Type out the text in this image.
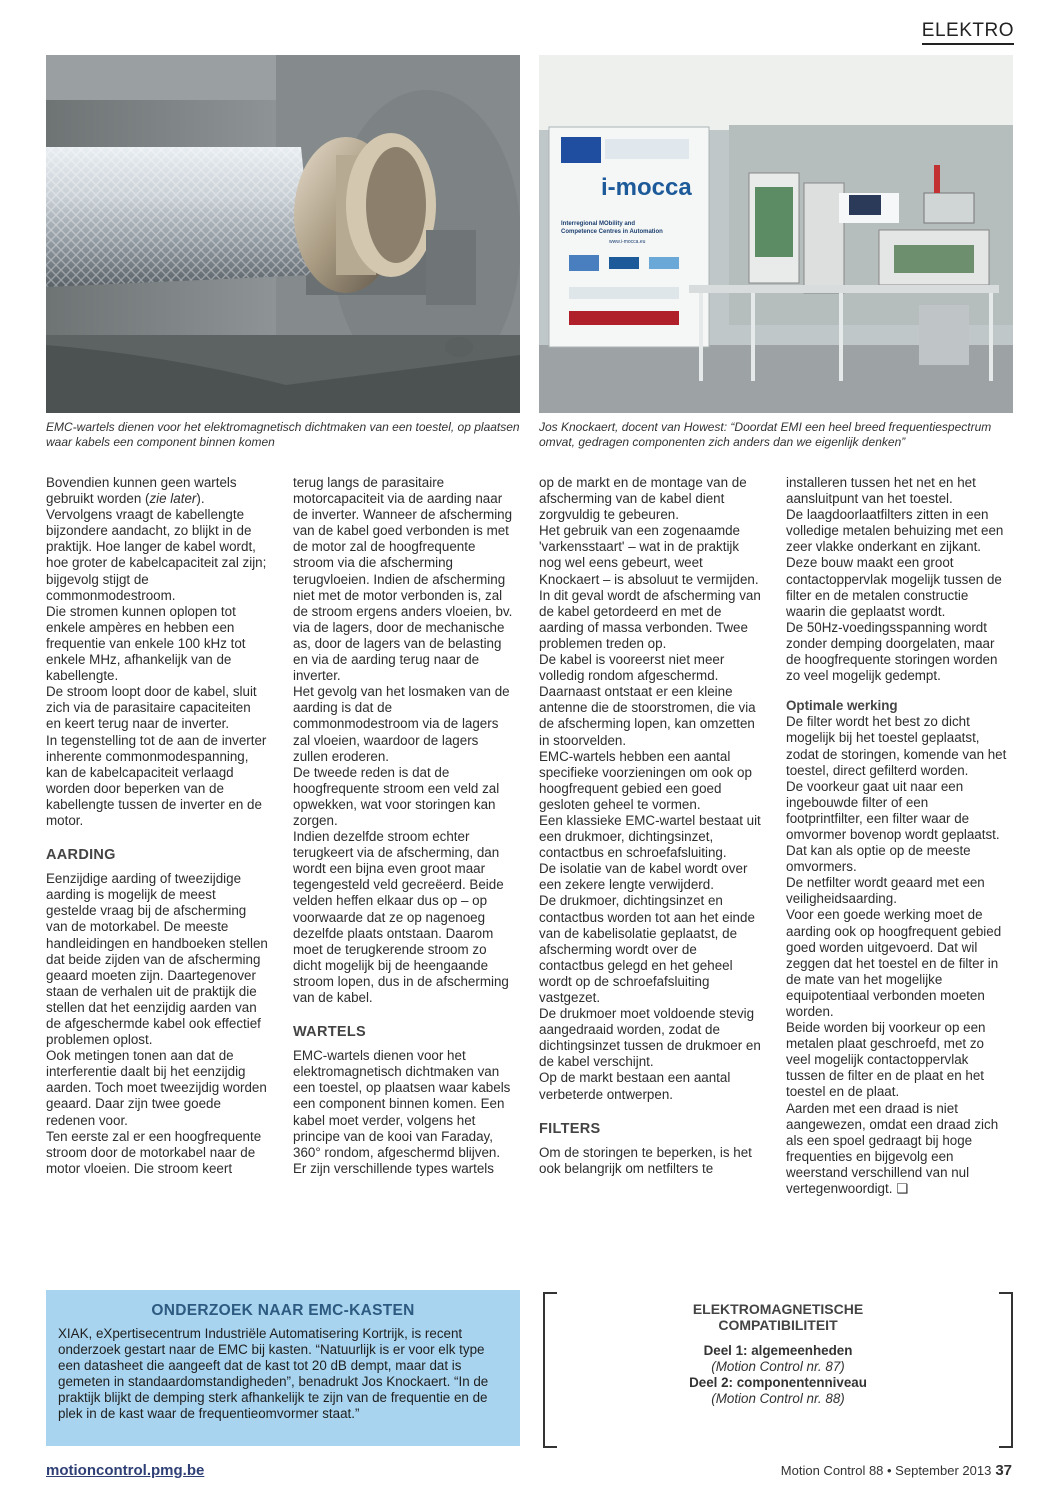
ELEKTRO
i-mocca
Interregional MObility and
Competence Centres in Automation
www.i-mocca.eu
EMC-wartels dienen voor het elektromagnetisch dichtmaken van een toestel, op plaatsen waar kabels een component binnen komen
Jos Knockaert, docent van Howest: “Doordat EMI een heel breed frequentiespectrum omvat, gedragen componenten zich anders dan we eigenlijk denken”

Bovendien kunnen geen wartels gebruikt worden (zie later). Vervolgens vraagt de kabellengte bijzondere aandacht, zo blijkt in de praktijk. Hoe langer de kabel wordt, hoe groter de kabelcapaciteit zal zijn; bijgevolg stijgt de commonmodestroom.

Die stromen kunnen oplopen tot enkele ampères en hebben een frequentie van enkele 100 kHz tot enkele MHz, afhankelijk van de kabellengte.

De stroom loopt door de kabel, sluit zich via de parasitaire capaciteiten en keert terug naar de inverter.

In tegenstelling tot de aan de inverter inherente commonmodespanning, kan de kabelcapaciteit verlaagd worden door beperken van de kabellengte tussen de inverter en de motor.

AARDING

Eenzijdige aarding of tweezijdige aarding is mogelijk de meest gestelde vraag bij de afscherming van de motorkabel. De meeste handleidingen en handboeken stellen dat beide zijden van de afscherming geaard moeten zijn. Daartegenover staan de verhalen uit de praktijk die stellen dat het eenzijdig aarden van de afgeschermde kabel ook effectief problemen oplost.

Ook metingen tonen aan dat de interferentie daalt bij het eenzijdig aarden. Toch moet tweezijdig worden geaard. Daar zijn twee goede redenen voor.

Ten eerste zal er een hoogfrequente stroom door de motorkabel naar de motor vloeien. Die stroom keert

terug langs de parasitaire motorcapaciteit via de aarding naar de inverter. Wanneer de afscherming van de kabel goed verbonden is met de motor zal de hoogfrequente stroom via die afscherming terugvloeien. Indien de afscherming niet met de motor verbonden is, zal de stroom ergens anders vloeien, bv. via de lagers, door de mechanische as, door de lagers van de belasting en via de aarding terug naar de inverter.

Het gevolg van het losmaken van de aarding is dat de commonmodestroom via de lagers zal vloeien, waardoor de lagers zullen eroderen.

De tweede reden is dat de hoogfrequente stroom een veld zal opwekken, wat voor storingen kan zorgen.

Indien dezelfde stroom echter terugkeert via de afscherming, dan wordt een bijna even groot maar tegengesteld veld gecreëerd. Beide velden heffen elkaar dus op – op voorwaarde dat ze op nagenoeg dezelfde plaats ontstaan. Daarom moet de terugkerende stroom zo dicht mogelijk bij de heengaande stroom lopen, dus in de afscherming van de kabel.

WARTELS

EMC-wartels dienen voor het elektromagnetisch dichtmaken van een toestel, op plaatsen waar kabels een component binnen komen. Een kabel moet verder, volgens het principe van de kooi van Faraday, 360° rondom, afgeschermd blijven.

Er zijn verschillende types wartels

op de markt en de montage van de afscherming van de kabel dient zorgvuldig te gebeuren.

Het gebruik van een zogenaamde 'varkensstaart' – wat in de praktijk nog wel eens gebeurt, weet Knockaert – is absoluut te vermijden.

In dit geval wordt de afscherming van de kabel getordeerd en met de aarding of massa verbonden. Twee problemen treden op.

De kabel is vooreerst niet meer volledig rondom afgeschermd.

Daarnaast ontstaat er een kleine antenne die de stoorstromen, die via de afscherming lopen, kan omzetten in stoorvelden.

EMC-wartels hebben een aantal specifieke voorzieningen om ook op hoogfrequent gebied een goed gesloten geheel te vormen.

Een klassieke EMC-wartel bestaat uit een drukmoer, dichtingsinzet, contactbus en schroefafsluiting.

De isolatie van de kabel wordt over een zekere lengte verwijderd.

De drukmoer, dichtingsinzet en contactbus worden tot aan het einde van de kabelisolatie geplaatst, de afscherming wordt over de contactbus gelegd en het geheel wordt op de schroefafsluiting vastgezet.

De drukmoer moet voldoende stevig aangedraaid worden, zodat de dichtingsinzet tussen de drukmoer en de kabel verschijnt.

Op de markt bestaan een aantal verbeterde ontwerpen.

FILTERS

Om de storingen te beperken, is het ook belangrijk om netfilters te

installeren tussen het net en het aansluitpunt van het toestel.

De laagdoorlaatfilters zitten in een volledige metalen behuizing met een zeer vlakke onderkant en zijkant.

Deze bouw maakt een groot contactoppervlak mogelijk tussen de filter en de metalen constructie waarin die geplaatst wordt.

De 50Hz-voedingsspanning wordt zonder demping doorgelaten, maar de hoogfrequente storingen worden zo veel mogelijk gedempt.

Optimale werking

De filter wordt het best zo dicht mogelijk bij het toestel geplaatst, zodat de storingen, komende van het toestel, direct gefilterd worden.

De voorkeur gaat uit naar een ingebouwde filter of een footprintfilter, een filter waar de omvormer bovenop wordt geplaatst. Dat kan als optie op de meeste omvormers.

De netfilter wordt geaard met een veiligheidsaarding.

Voor een goede werking moet de aarding ook op hoogfrequent gebied goed worden uitgevoerd. Dat wil zeggen dat het toestel en de filter in de mate van het mogelijke equipotentiaal verbonden moeten worden.

Beide worden bij voorkeur op een metalen plaat geschroefd, met zo veel mogelijk contactoppervlak tussen de filter en de plaat en het toestel en de plaat.

Aarden met een draad is niet aangewezen, omdat een draad zich als een spoel gedraagt bij hoge frequenties en bijgevolg een weerstand verschillend van nul vertegenwoordigt. ❑

ONDERZOEK NAAR EMC-KASTEN

XIAK, eXpertisecentrum Industriële Automatisering Kortrijk, is recent onderzoek gestart naar de EMC bij kasten. “Natuurlijk is er voor elk type een datasheet die aangeeft dat de kast tot 20 dB dempt, maar dat is gemeten in standaardomstandigheden”, benadrukt Jos Knockaert. “In de praktijk blijkt de demping sterk afhankelijk te zijn van de frequentie en de plek in de kast waar de frequentieomvormer staat.”

ELEKTROMAGNETISCHE
COMPATIBILITEIT
Deel 1: algemeenheden
(Motion Control nr. 87)
Deel 2: componentenniveau
(Motion Control nr. 88)
motioncontrol.pmg.be	Motion Control 88 • September 2013 37
